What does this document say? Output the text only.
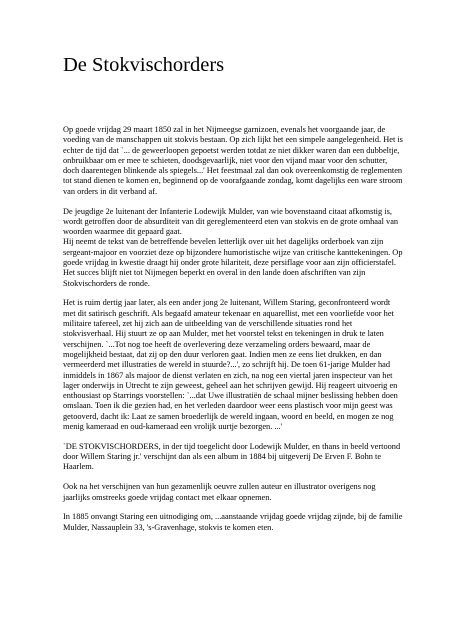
De Stokvischorders

Op goede vrijdag 29 maart 1850 zal in het Nijmeegse garnizoen, evenals het voorgaande jaar, de voeding van de manschappen uit stokvis bestaan. Op zich lijkt het een simpele aangelegenheid. Het is echter de tijd dat `... de geweerloopen gepoetst werden totdat ze niet dikker waren dan een dubbeltje, onbruikbaar om er mee te schieten, doodsgevaarlijk, niet voor den vijand maar voor den schutter, doch daarentegen blinkende als spiegels...' Het feestmaal zal dan ook overeenkomstig de reglementen tot stand dienen te komen en, beginnend op de voorafgaande zondag, komt dagelijks een ware stroom van orders in dit verband af.

De jeugdige 2e luitenant der Infanterie Lodewijk Mulder, van wie bovenstaand citaat afkomstig is, wordt getroffen door de absurditeit van dit gereglementeerd eten van stokvis en de grote omhaal van woorden waarmee dit gepaard gaat.

Hij neemt de tekst van de betreffende bevelen letterlijk over uit het dagelijks orderboek van zijn sergeant-majoor en voorziet deze op bijzondere humoristische wijze van critische kanttekeningen. Op goede vrijdag in kwestie draagt hij onder grote hilariteit, deze persiflage voor aan zijn officierstafel. Het succes blijft niet tot Nijmegen beperkt en overal in den lande doen afschriften van zijn Stokvischorders de ronde.

Het is ruim dertig jaar later, als een ander jong 2e luitenant, Willem Staring, geconfronteerd wordt met dit satirisch geschrift. Als begaafd amateur tekenaar en aquarellist, met een voorliefde voor het militaire tafereel, zet hij zich aan de uitbeelding van de verschillende situaties rond het stokvisverhaal. Hij stuurt ze op aan Mulder, met het voorstel tekst en tekeningen in druk te laten verschijnen. `...Tot nog toe heeft de overlevering deze verzameling orders bewaard, maar de mogelijkheid bestaat, dat zij op den duur verloren gaat. Indien men ze eens liet drukken, en dan vermeerderd met illustraties de wereld in stuurde?...', zo schrijft hij. De toen 61-jarige Mulder had inmiddels in 1867 als majoor de dienst verlaten en zich, na nog een viertal jaren inspecteur van het lager onderwijs in Utrecht te zijn geweest, geheel aan het schrijven gewijd. Hij reageert uitvoerig en enthousiast op Starrings voorstellen: `...dat Uwe illustratiën de schaal mijner beslissing hebben doen omslaan. Toen ik die gezien had, en het verleden daardoor weer eens plastisch voor mijn geest was getooverd, dacht ik: Laat ze samen broederlijk de wereld ingaan, woord en beeld, en mogen ze nog menig kameraad en oud-kameraad een vrolijk uurtje bezorgen. ...'

`DE STOKVISCHORDERS, in der tijd toegelicht door Lodewijk Mulder, en thans in beeld vertoond door Willem Staring jr.' verschijnt dan als een album in 1884 bij uitgeverij De Erven F. Bohn te Haarlem.

Ook na het verschijnen van hun gezamenlijk oeuvre zullen auteur en illustrator overigens nog jaarlijks omstreeks goede vrijdag contact met elkaar opnemen.

In 1885 onvangt Staring een uitnodiging om, ...aanstaande vrijdag goede vrijdag zijnde, bij de familie Mulder, Nassauplein 33, 's-Gravenhage, stokvis te komen eten.
